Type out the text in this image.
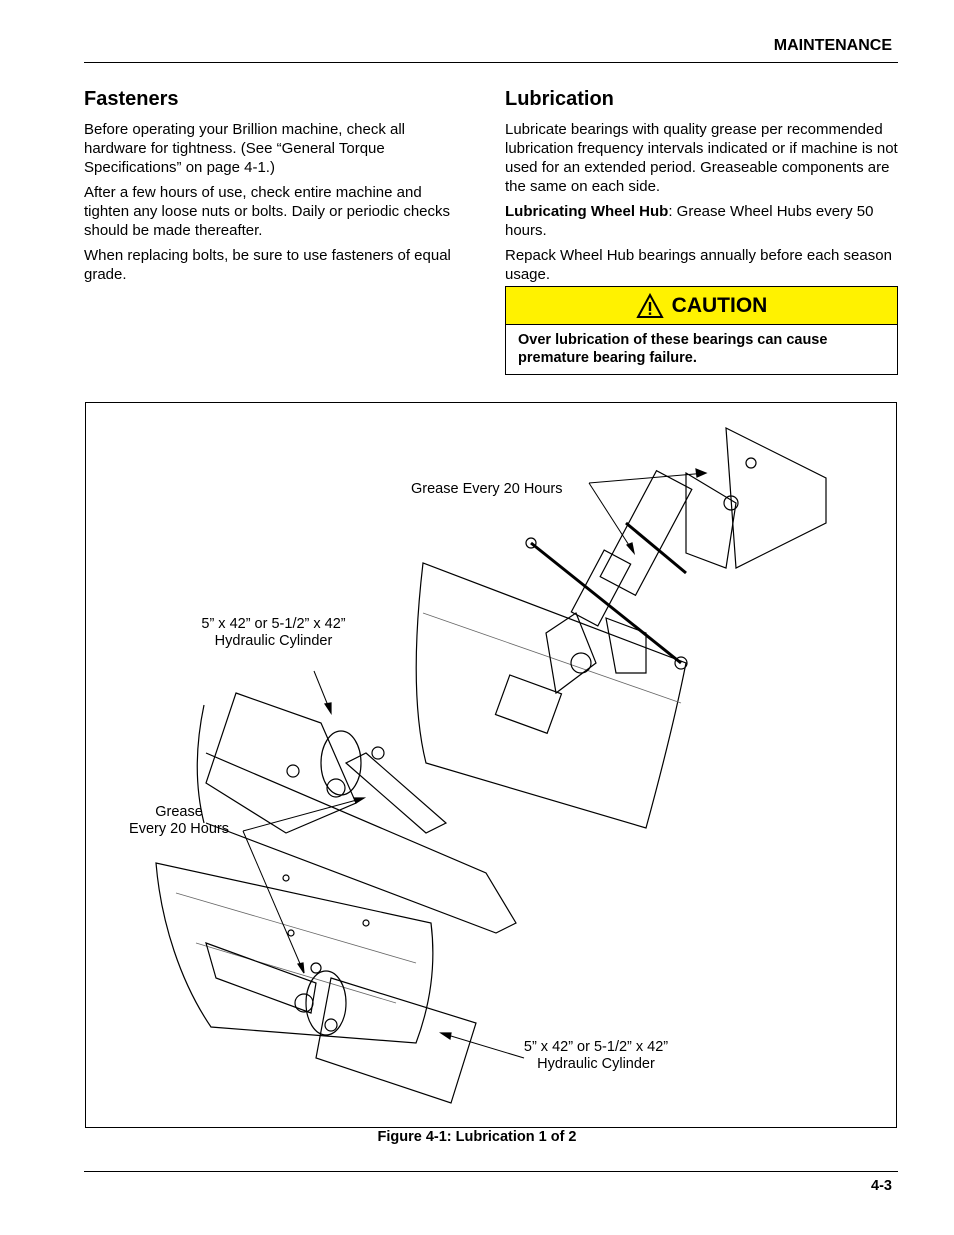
MAINTENANCE
Fasteners

Before operating your Brillion machine, check all hardware for tightness. (See “General Torque Specifications” on page 4-1.)

After a few hours of use, check entire machine and tighten any loose nuts or bolts. Daily or periodic checks should be made thereafter.

When replacing bolts, be sure to use fasteners of equal grade.

Lubrication

Lubricate bearings with quality grease per recommended lubrication frequency intervals indicated or if machine is not used for an extended period. Greaseable components are the same on each side.

Lubricating Wheel Hub: Grease Wheel Hubs every 50 hours.

Repack Wheel Hub bearings annually before each season usage.

CAUTION
Over lubrication of these bearings can cause premature bearing failure.
Grease Every 20 Hours
5” x 42” or 5-1/2” x 42”
Hydraulic Cylinder
Grease
Every 20 Hours
5” x 42” or 5-1/2” x 42”
Hydraulic Cylinder
Figure 4-1: Lubrication 1 of 2
4-3
